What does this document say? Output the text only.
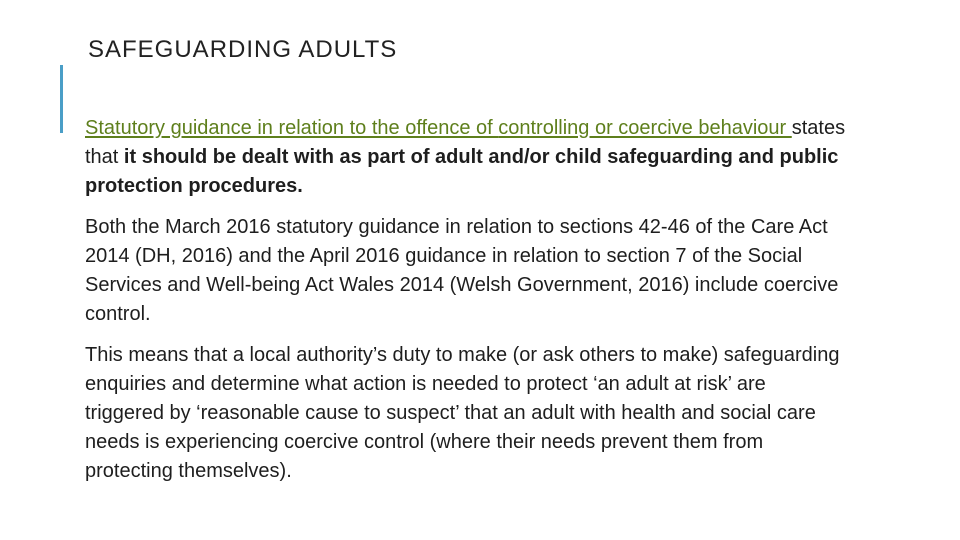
SAFEGUARDING ADULTS

Statutory guidance in relation to the offence of controlling or coercive behaviour states that it should be dealt with as part of adult and/or child safeguarding and public protection procedures.

Both the March 2016 statutory guidance in relation to sections 42-46 of the Care Act 2014 (DH, 2016) and the April 2016 guidance in relation to section 7 of the Social Services and Well-being Act Wales 2014 (Welsh Government, 2016) include coercive control.

This means that a local authority’s duty to make (or ask others to make) safeguarding enquiries and determine what action is needed to protect ‘an adult at risk’ are triggered by ‘reasonable cause to suspect’ that an adult with health and social care needs is experiencing coercive control (where their needs prevent them from protecting themselves).
